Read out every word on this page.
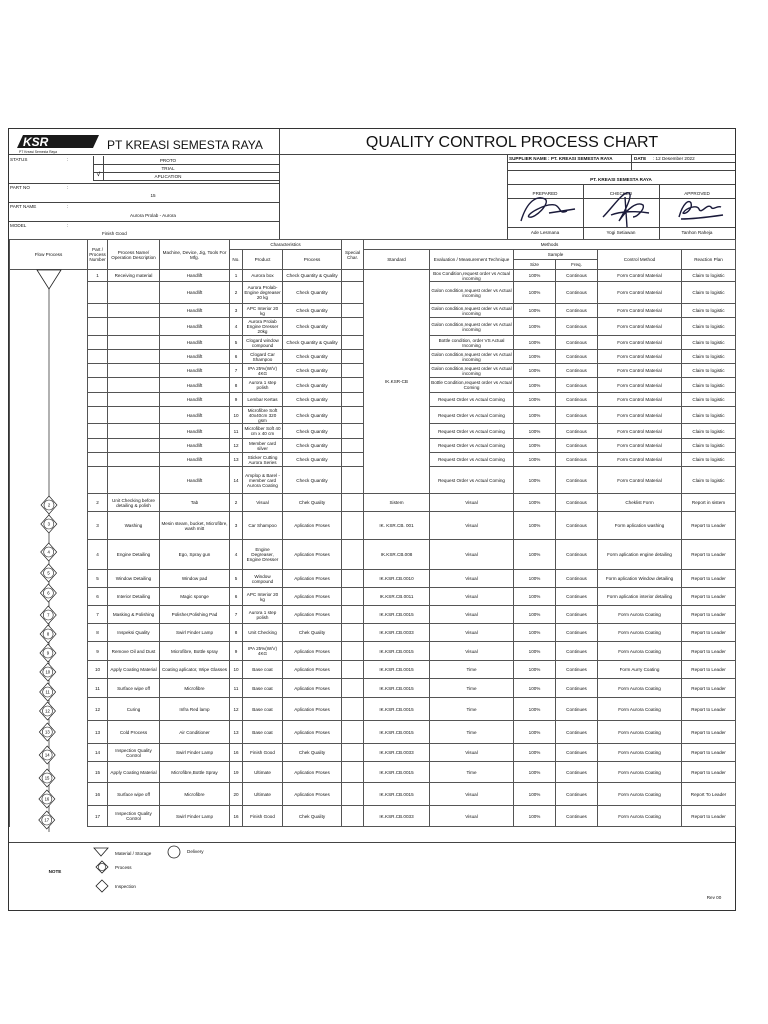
KSR
PT Kreasi Semesta Raya	PT KREASI SEMESTA RAYA	QUALITY CONTROL PROCESS CHART
STATUS	:	PROTO
TRIAL
√	APLICATION
PART NO	:
15
PART NAME	:
Aurora Prolab - Aurora
MODEL	:
Finish Good
SUPPLIER NAME : PT. KREASI SEMESTA RAYA	DATE : 12 Desember 2022
PT. KREASI SEMESTA RAYA
PREPARED	CHECKED	APPROVED
Ade Lesmana	Yogi Setiawan	Tanhon Raheja
Flow Process	Part / Process Number	Process Name/ Operation Description	Machine, Device, Jig, Tools For Mfg.	Characteristics			Special Char.	Methods					
				No.	Product	Process		Standard	Evaluation / Measurement Technique	Sample		Control Method	Reaction Plan
										Size	Freq.		
	1	Receiving material	Handlift	1	Aurora box	Check Quantity & Quality		IK.KSR-CB	Box Condition,request order vs Actual incoming	100%	Continous	Form Control Material	Claim to logistic
			Handlift	2	Aurora Prolab- Engine degreaser 20 kg	Check Quantity			Galon condition,request order vs Actual incoming	100%	Continous	Form Control Material	Claim to logistic
			Handlift	3	APC Interior 20 kg	Check Quantity			Galon condition,request order vs Actual incoming	100%	Continous	Form Control Material	Claim to logistic
			Handlift	4	Aurora Prolab Engine Dresser 20kg	Check Quantity			Galon condition,request order vs Actual incoming	100%	Continous	Form Control Material	Claim to logistic
			Handlift	5	Clogard window compound	Check Quantity & Quality			Bottle condition, order VS Actual Incoming	100%	Continous	Form Control Material	Claim to logistic
			Handlift	6	Clogard Car Shampoo	Check Quantity			Galon condition,request order vs Actual incoming	100%	Continous	Form Control Material	Claim to logistic
			Handlift	7	IPA 25%(W/V) 4KG	Check Quantity			Galon condition,request order vs Actual incoming	100%	Continous	Form Control Material	Claim to logistic
			Handlift	8	Aurora 1 step polish	Check Quantity			Bottle Condition,request order vs Actual Coming	100%	Continous	Form Control Material	Claim to logistic
			Handlift	9	Lembar Kertas	Check Quantity			Request Order vs Actual Coming	100%	Continous	Form Control Material	Claim to logistic
			Handlift	10	Microfibre Soft 40x40cm 320 gsm	Check Quantity			Request Order vs Actual Coming	100%	Continous	Form Control Material	Claim to logistic
			Handlift	11	Microfiber Soft 40 cm x 40 cm	Check Quantity			Request Order vs Actual Coming	100%	Continous	Form Control Material	Claim to logistic
			Handlift	12	Member card silver	Check Quantity			Request Order vs Actual Coming	100%	Continous	Form Control Material	Claim to logistic
			Handlift	13	Sticker Cutting Aurora Series	Check Quantity			Request Order vs Actual Coming	100%	Continous	Form Control Material	Claim to logistic
			Handlift	14	Amplop & Barel - member card Aurora Coating	Check Quantity			Request Order vs Actual Coming	100%	Continous	Form Control Material	Claim to logistic
	2	Unit Checking before detailing & polish	Tab	2	Visual	Chek Quality		Sistem	Visual	100%	Continous	Cheklist Form	Report in sistem
	3	Washing	Mesin steam, bucket, Microfibre, wash mitt	3	Car Shampoo	Aplication Proses		IK. KSR.CB. 001	Visual	100%	Continous	Form aplication washing	Report to Leader
	4	Engine Detailing	Ego, Spray gun	4	Engine Degreaser, Engine Dresser	Aplication Proses		IK.KSR.CB.008	Visual	100%	Continous	Form aplication engine detailing	Report to Leader
	5	Window Detailing	Window pad	5	Window compound	Aplication Proses		IK.KSR.CB.0010	Visual	100%	Continous	Form aplication Window detailing	Report to Leader
	6	Interior Detailing	Magic sponge	6	APC Interior 20 kg	Aplication Proses		IK.KSR.CB.0011	Visual	100%	Continues	Form aplication interior detailing	Report to Leader
	7	Masking & Polishing	Polisher,Polishing Pad	7	Aurora 1 step polish	Aplication Proses		IK.KSR.CB.0015	Visual	100%	Continues	Form Aurora Coating	Report to Leader
	8	Inspeksi Quality	Swirl Finder Lamp	8	Unit Checking	Chek Quality		IK.KSR.CB.0033	Visual	100%	Continues	Form Aurora Coating	Report to Leader
	9	Remove Oil and Dust	Microfibre, Bottle spray	9	IPA 25%(W/V) 4KG	Aplication Proses		IK.KSR.CB.0015	Visual	100%	Continues	Form Aurora Coating	Report to Leader
	10	Apply Coating Material	Coating aplicator, Wipe Glasses	10	Base coat	Aplication Proses		IK.KSR.CB.0015	Time	100%	Continues	Form Aurry Coating	Report to Leader
	11	Surface wipe off	Microfibre	11	Base coat	Aplication Proses		IK.KSR.CB.0015	Time	100%	Continues	Form Aurora Coating	Report to Leader
	12	Curing	Infra Red lamp	12	Base coat	Aplication Proses		IK.KSR.CB.0015	Time	100%	Continues	Form Aurora Coating	Report to Leader
	13	Cold Process	Air Conditioner	13	Base coat	Aplication Proses		IK.KSR.CB.0015	Time	100%	Continues	Form Aurora Coating	Report to Leader
	14	Inspection Quality Control	Swirl Finder Lamp	16	Finish Good	Chek Quality		IK.KSR.CB.0033	Visual	100%	Continues	Form Aurora Coating	Report to Leader
	15	Apply Coating Material	Microfibre,Bottle Spray	19	Ultimate	Aplication Proses		IK.KSR.CB.0015	Time	100%	Continues	Form Aurora Coating	Report to Leader
	16	Surface wipe off	Microfibre	20	Ultimate	Aplication Proses		IK.KSR.CB.0015	Visual	100%	Continues	Form Aurora Coating	Report To Leader
	17	Inspection Quality Control	Swirl Finder Lamp	16	Finish Good	Chek Quality		IK.KSR.CB.0033	Visual	100%	Continues	Form Aurora Coating	Report to Leader
2
3
4
5
6
7
8
9
10
11
12
13
14
15
16
17
NOTE
Material / Storage	Delivery
Process
Inspection
Rev 00
